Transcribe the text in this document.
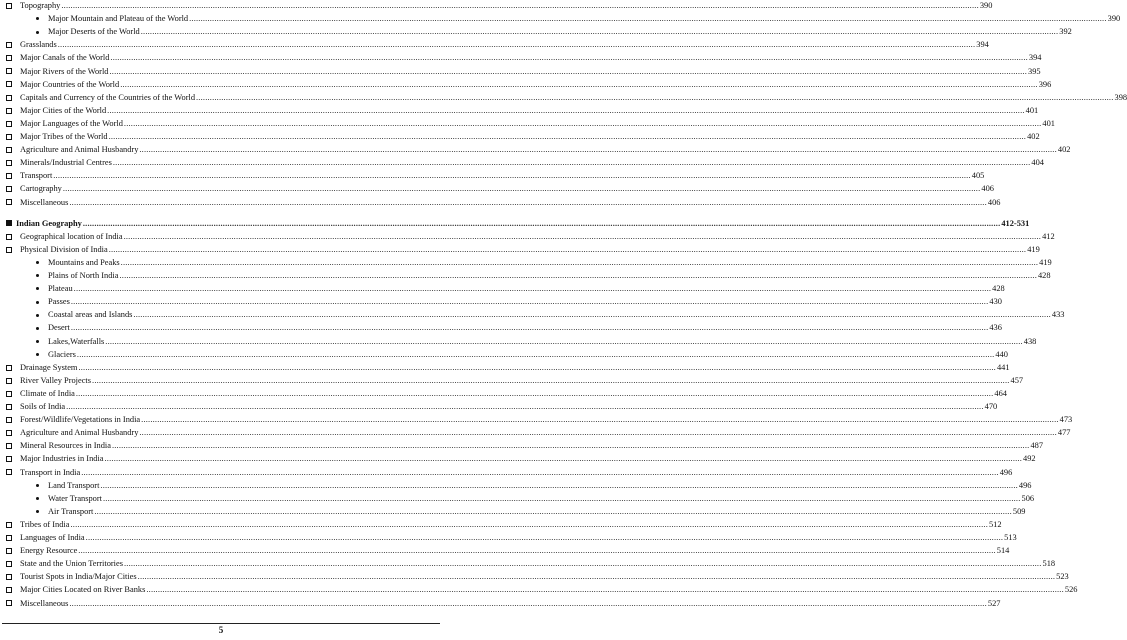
Topography ................................................................................................................................................................................................................................................................................................................................................................................................................ 390
Major Mountain and Plateau of the World ................................................................................................................................................................................................................................................................................................................................................................................................................ 390
Major Deserts of the World ................................................................................................................................................................................................................................................................................................................................................................................................................ 392
Grasslands ................................................................................................................................................................................................................................................................................................................................................................................................................ 394
Major Canals of the World ................................................................................................................................................................................................................................................................................................................................................................................................................ 394
Major Rivers of the World ................................................................................................................................................................................................................................................................................................................................................................................................................ 395
Major Countries of the World ................................................................................................................................................................................................................................................................................................................................................................................................................ 396
Capitals and Currency of the Countries of the World ................................................................................................................................................................................................................................................................................................................................................................................................................ 398
Major Cities of the World ................................................................................................................................................................................................................................................................................................................................................................................................................ 401
Major Languages of the World ................................................................................................................................................................................................................................................................................................................................................................................................................ 401
Major Tribes of the World ................................................................................................................................................................................................................................................................................................................................................................................................................ 402
Agriculture and Animal Husbandry ................................................................................................................................................................................................................................................................................................................................................................................................................ 402
Minerals/Industrial Centres ................................................................................................................................................................................................................................................................................................................................................................................................................ 404
Transport ................................................................................................................................................................................................................................................................................................................................................................................................................ 405
Cartography ................................................................................................................................................................................................................................................................................................................................................................................................................ 406
Miscellaneous ................................................................................................................................................................................................................................................................................................................................................................................................................ 406
Indian Geography ................................................................................................................................................................................................................................................................................................................................................................................................................ 412-531
Geographical location of India ................................................................................................................................................................................................................................................................................................................................................................................................................ 412
Physical Division of India ................................................................................................................................................................................................................................................................................................................................................................................................................ 419
Mountains and Peaks ................................................................................................................................................................................................................................................................................................................................................................................................................ 419
Plains of North India ................................................................................................................................................................................................................................................................................................................................................................................................................ 428
Plateau ................................................................................................................................................................................................................................................................................................................................................................................................................ 428
Passes ................................................................................................................................................................................................................................................................................................................................................................................................................ 430
Coastal areas and Islands ................................................................................................................................................................................................................................................................................................................................................................................................................ 433
Desert ................................................................................................................................................................................................................................................................................................................................................................................................................ 436
Lakes,Waterfalls ................................................................................................................................................................................................................................................................................................................................................................................................................ 438
Glaciers ................................................................................................................................................................................................................................................................................................................................................................................................................ 440
Drainage System ................................................................................................................................................................................................................................................................................................................................................................................................................ 441
River Valley Projects ................................................................................................................................................................................................................................................................................................................................................................................................................ 457
Climate of India ................................................................................................................................................................................................................................................................................................................................................................................................................ 464
Soils of India ................................................................................................................................................................................................................................................................................................................................................................................................................ 470
Forest/Wildlife/Vegetations in India ................................................................................................................................................................................................................................................................................................................................................................................................................ 473
Agriculture and Animal Husbandry ................................................................................................................................................................................................................................................................................................................................................................................................................ 477
Mineral Resources in India ................................................................................................................................................................................................................................................................................................................................................................................................................ 487
Major Industries in India ................................................................................................................................................................................................................................................................................................................................................................................................................ 492
Transport in India ................................................................................................................................................................................................................................................................................................................................................................................................................ 496
Land Transport ................................................................................................................................................................................................................................................................................................................................................................................................................ 496
Water Transport ................................................................................................................................................................................................................................................................................................................................................................................................................ 506
Air Transport ................................................................................................................................................................................................................................................................................................................................................................................................................ 509
Tribes of India ................................................................................................................................................................................................................................................................................................................................................................................................................ 512
Languages of India ................................................................................................................................................................................................................................................................................................................................................................................................................ 513
Energy Resource ................................................................................................................................................................................................................................................................................................................................................................................................................ 514
State and the Union Territories ................................................................................................................................................................................................................................................................................................................................................................................................................ 518
Tourist Spots in India/Major Cities ................................................................................................................................................................................................................................................................................................................................................................................................................ 523
Major Cities Located on River Banks ................................................................................................................................................................................................................................................................................................................................................................................................................ 526
Miscellaneous ................................................................................................................................................................................................................................................................................................................................................................................................................ 527
5
